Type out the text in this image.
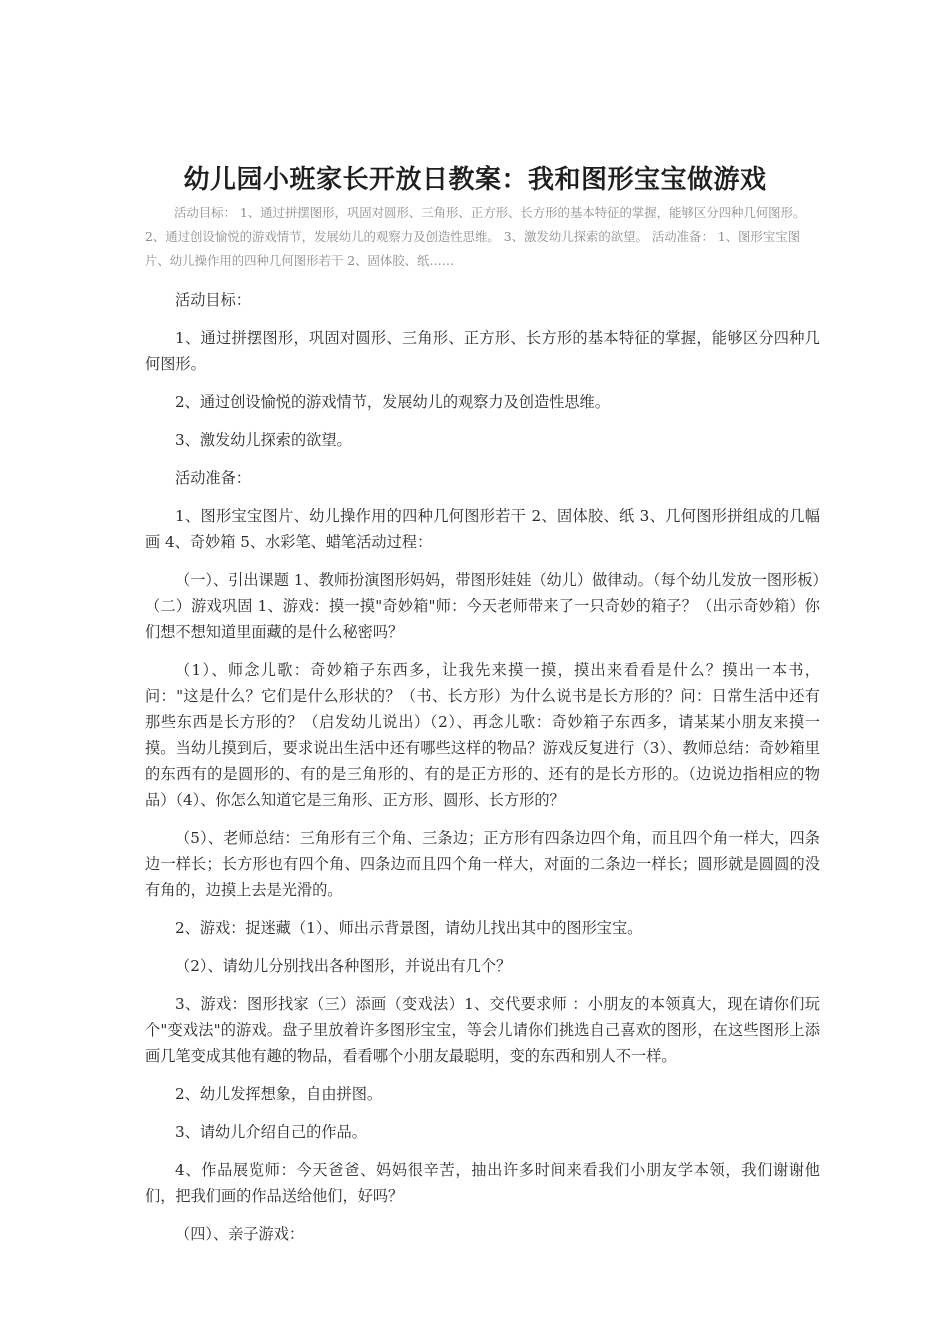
幼儿园小班家长开放日教案：我和图形宝宝做游戏

活动目标： 1、通过拼摆图形，巩固对圆形、三角形、正方形、长方形的基本特征的掌握，能够区分四种几何图形。2、通过创设愉悦的游戏情节，发展幼儿的观察力及创造性思维。 3、激发幼儿探索的欲望。 活动准备： 1、图形宝宝图片、幼儿操作用的四种几何图形若干 2、固体胶、纸……

活动目标：

1、通过拼摆图形，巩固对圆形、三角形、正方形、长方形的基本特征的掌握，能够区分四种几何图形。

2、通过创设愉悦的游戏情节，发展幼儿的观察力及创造性思维。

3、激发幼儿探索的欲望。

活动准备：

1、图形宝宝图片、幼儿操作用的四种几何图形若干 2、固体胶、纸 3、几何图形拼组成的几幅画 4、奇妙箱 5、水彩笔、蜡笔活动过程：

（一）、引出课题 1、教师扮演图形妈妈，带图形娃娃（幼儿）做律动。（每个幼儿发放一图形板）（二）游戏巩固 1、游戏：摸一摸"奇妙箱"师：今天老师带来了一只奇妙的箱子？（出示奇妙箱）你们想不想知道里面藏的是什么秘密吗？

（1）、师念儿歌：奇妙箱子东西多，让我先来摸一摸，摸出来看看是什么？摸出一本书，问："这是什么？它们是什么形状的？（书、长方形）为什么说书是长方形的？问：日常生活中还有那些东西是长方形的？（启发幼儿说出）（2）、再念儿歌：奇妙箱子东西多，请某某小朋友来摸一摸。当幼儿摸到后，要求说出生活中还有哪些这样的物品？游戏反复进行（3）、教师总结：奇妙箱里的东西有的是圆形的、有的是三角形的、有的是正方形的、还有的是长方形的。（边说边指相应的物品）（4）、你怎么知道它是三角形、正方形、圆形、长方形的？

（5）、老师总结：三角形有三个角、三条边；正方形有四条边四个角，而且四个角一样大，四条边一样长；长方形也有四个角、四条边而且四个角一样大，对面的二条边一样长；圆形就是圆圆的没有角的，边摸上去是光滑的。

2、游戏：捉迷藏（1）、师出示背景图，请幼儿找出其中的图形宝宝。

（2）、请幼儿分别找出各种图形，并说出有几个？

3、游戏：图形找家（三）添画（变戏法）1、交代要求师 ：小朋友的本领真大，现在请你们玩个"变戏法"的游戏。盘子里放着许多图形宝宝，等会儿请你们挑选自己喜欢的图形，在这些图形上添画几笔变成其他有趣的物品，看看哪个小朋友最聪明，变的东西和别人不一样。

2、幼儿发挥想象，自由拼图。

3、请幼儿介绍自己的作品。

4、作品展览师：今天爸爸、妈妈很辛苦，抽出许多时间来看我们小朋友学本领，我们谢谢他们，把我们画的作品送给他们，好吗？

（四）、亲子游戏：
